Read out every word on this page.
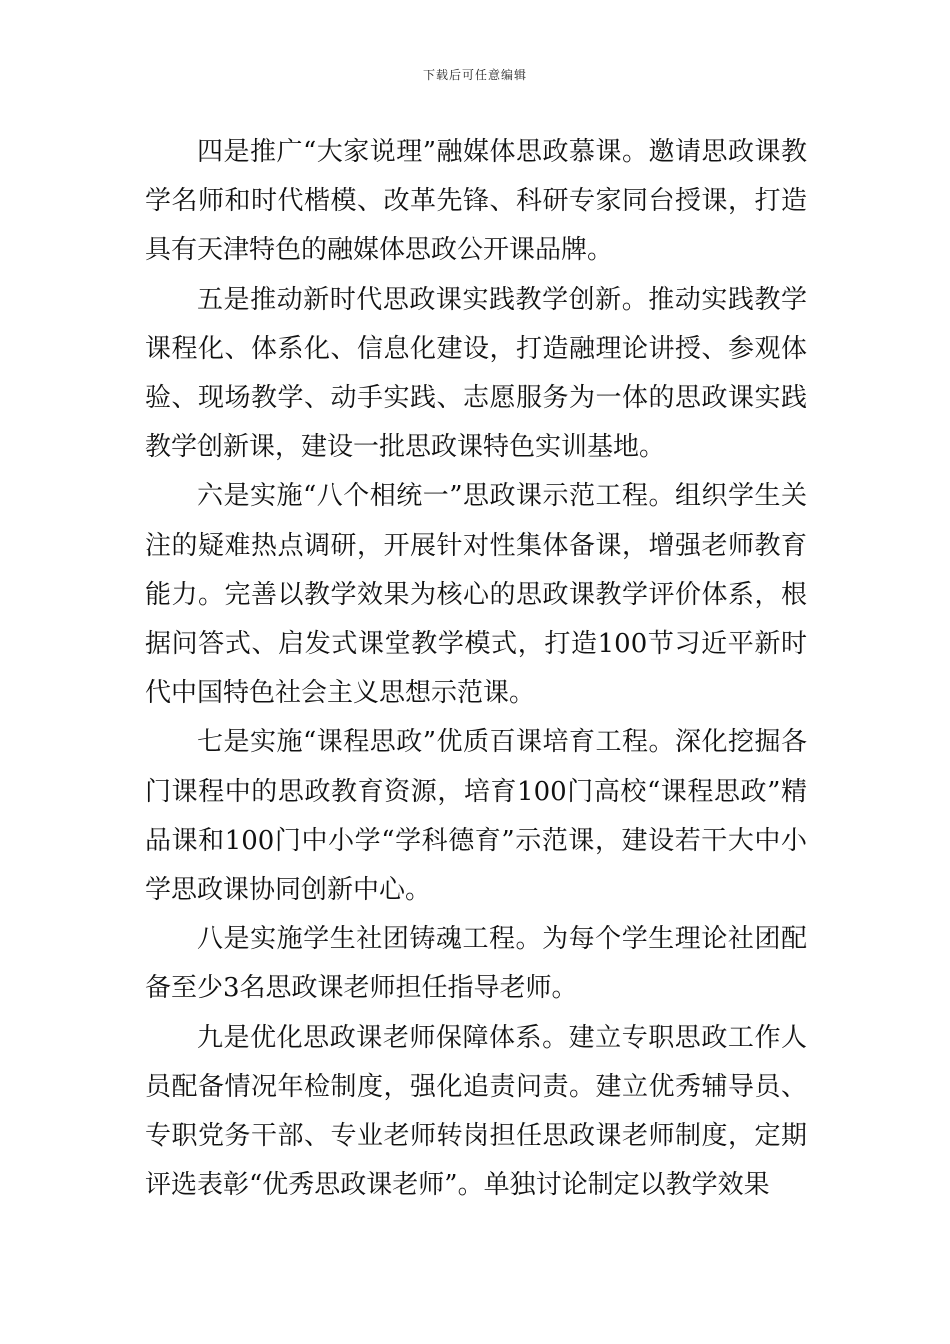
下载后可任意编辑

四是推广“大家说理”融媒体思政慕课。邀请思政课教学名师和时代楷模、改革先锋、科研专家同台授课，打造具有天津特色的融媒体思政公开课品牌。

五是推动新时代思政课实践教学创新。推动实践教学课程化、体系化、信息化建设，打造融理论讲授、参观体验、现场教学、动手实践、志愿服务为一体的思政课实践教学创新课，建设一批思政课特色实训基地。

六是实施“八个相统一”思政课示范工程。组织学生关注的疑难热点调研，开展针对性集体备课，增强老师教育能力。完善以教学效果为核心的思政课教学评价体系，根据问答式、启发式课堂教学模式，打造100节习近平新时代中国特色社会主义思想示范课。

七是实施“课程思政”优质百课培育工程。深化挖掘各门课程中的思政教育资源，培育100门高校“课程思政”精品课和100门中小学“学科德育”示范课，建设若干大中小学思政课协同创新中心。

八是实施学生社团铸魂工程。为每个学生理论社团配备至少3名思政课老师担任指导老师。

九是优化思政课老师保障体系。建立专职思政工作人员配备情况年检制度，强化追责问责。建立优秀辅导员、专职党务干部、专业老师转岗担任思政课老师制度，定期评选表彰“优秀思政课老师”。单独讨论制定以教学效果
